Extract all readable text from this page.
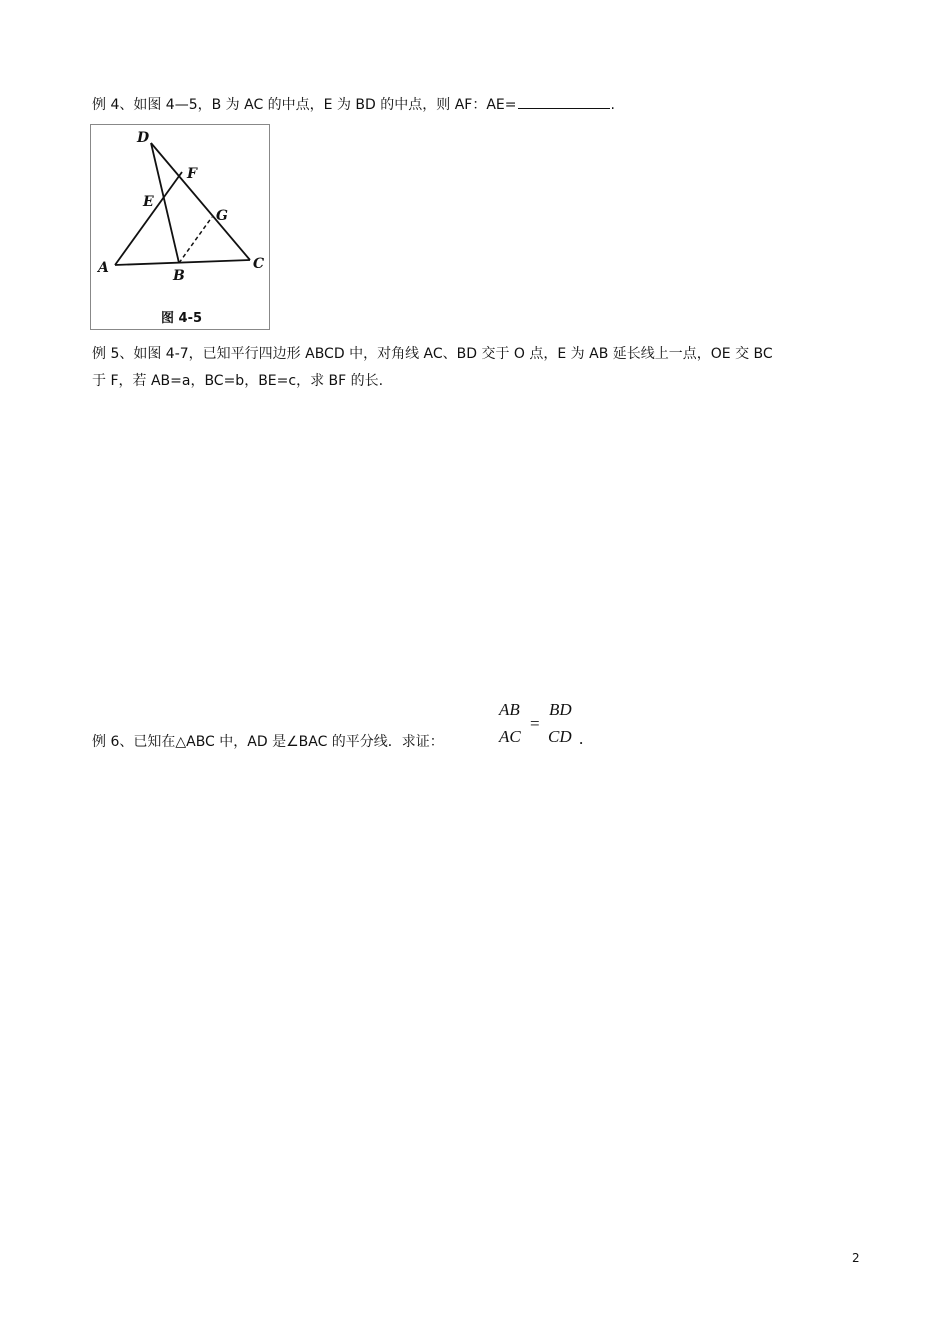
例 4、如图 4—5，B 为 AC 的中点，E 为 BD 的中点，则 AF：AE=	.
D
F
E
G
A	B
C
图 4-5
例 5、如图 4-7，已知平行四边形 ABCD 中，对角线 AC、BD 交于 O 点，E 为 AB 延长线上一点，OE 交 BC
于 F，若 AB=a，BC=b，BE=c，求 BF 的长.
例 6、已知在△ABC 中，AD 是∠BAC 的平分线．求证：
AB
AC
=
BD
CD .
2
